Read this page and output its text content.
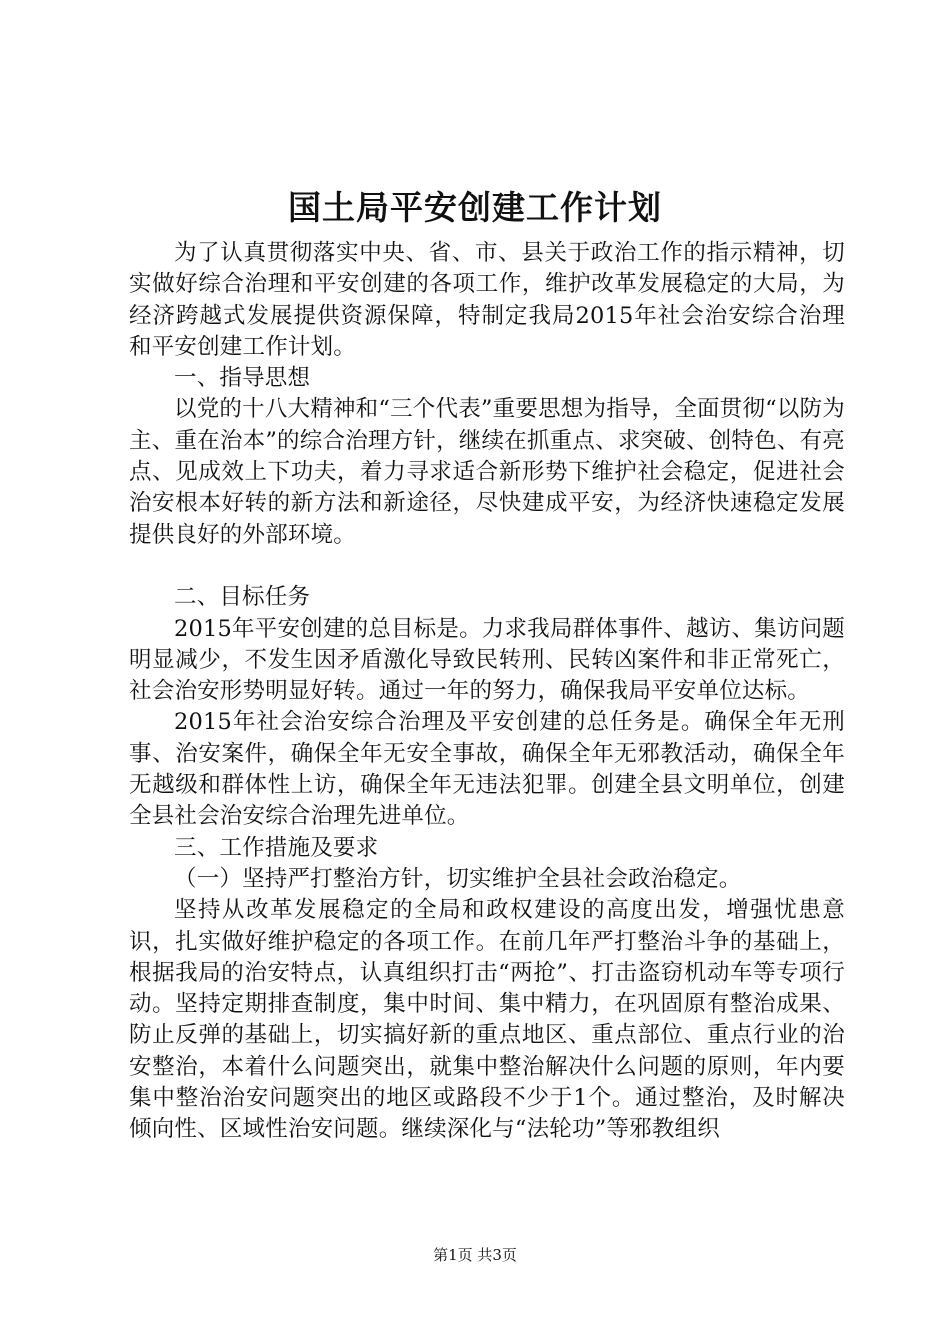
国土局平安创建工作计划

为了认真贯彻落实中央、省、市、县关于政治工作的指示精神，切实做好综合治理和平安创建的各项工作，维护改革发展稳定的大局，为经济跨越式发展提供资源保障，特制定我局2015年社会治安综合治理和平安创建工作计划。

一、指导思想

以党的十八大精神和“三个代表”重要思想为指导，全面贯彻“以防为主、重在治本”的综合治理方针，继续在抓重点、求突破、创特色、有亮点、见成效上下功夫，着力寻求适合新形势下维护社会稳定，促进社会治安根本好转的新方法和新途径，尽快建成平安，为经济快速稳定发展提供良好的外部环境。

二、目标任务

2015年平安创建的总目标是。力求我局群体事件、越访、集访问题明显减少，不发生因矛盾激化导致民转刑、民转凶案件和非正常死亡，社会治安形势明显好转。通过一年的努力，确保我局平安单位达标。

2015年社会治安综合治理及平安创建的总任务是。确保全年无刑事、治安案件，确保全年无安全事故，确保全年无邪教活动，确保全年无越级和群体性上访，确保全年无违法犯罪。创建全县文明单位，创建全县社会治安综合治理先进单位。

三、工作措施及要求

（一）坚持严打整治方针，切实维护全县社会政治稳定。

坚持从改革发展稳定的全局和政权建设的高度出发，增强忧患意识，扎实做好维护稳定的各项工作。在前几年严打整治斗争的基础上，根据我局的治安特点，认真组织打击“两抢”、打击盗窃机动车等专项行动。坚持定期排查制度，集中时间、集中精力，在巩固原有整治成果、防止反弹的基础上，切实搞好新的重点地区、重点部位、重点行业的治安整治，本着什么问题突出，就集中整治解决什么问题的原则，年内要集中整治治安问题突出的地区或路段不少于1个。通过整治，及时解决倾向性、区域性治安问题。继续深化与“法轮功”等邪教组织

第1页 共3页
